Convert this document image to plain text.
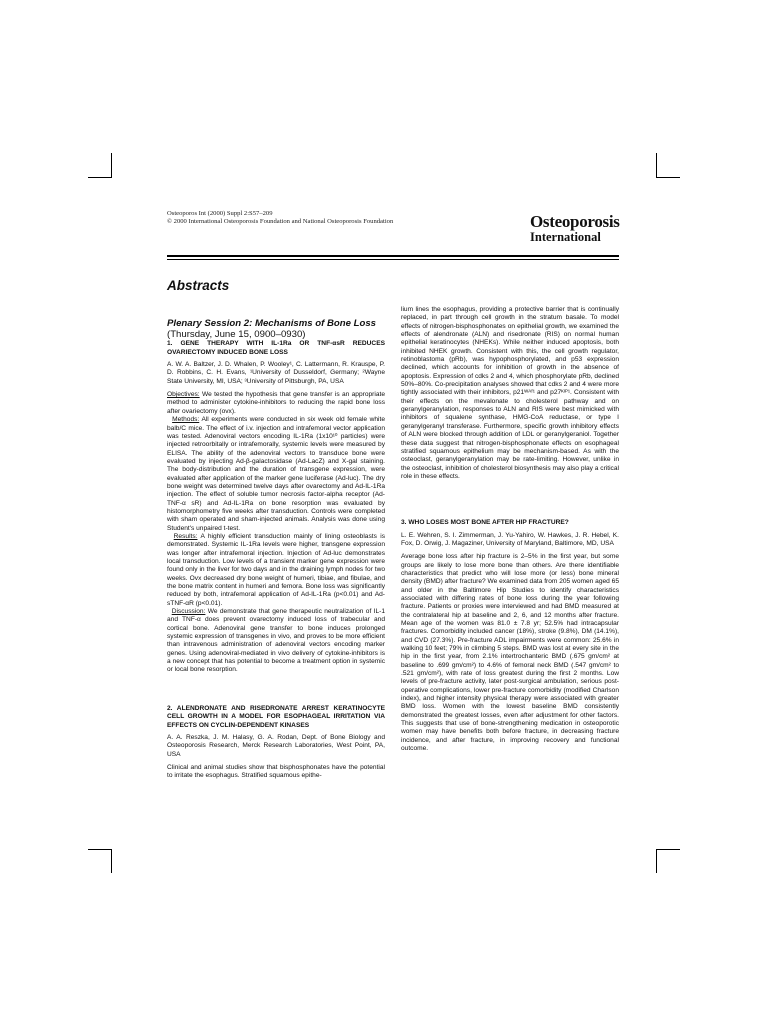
Osteoporos Int (2000) Suppl 2:S57–209
© 2000 International Osteoporosis Foundation and National Osteoporosis Foundation	Osteoporosis
International
Abstracts

Plenary Session 2: Mechanisms of Bone Loss

(Thursday, June 15, 0900–0930)

1. GENE THERAPY WITH IL-1Ra OR TNF-αsR REDUCES OVARIECTOMY INDUCED BONE LOSS

A. W. A. Baltzer, J. D. Whalen, P. Wooley¹, C. Lattermann, R. Krauspe, P. D. Robbins, C. H. Evans, ¹University of Dusseldorf, Germany; ²Wayne State University, MI, USA; ³University of Pittsburgh, PA, USA

Objectives: We tested the hypothesis that gene transfer is an appropriate method to administer cytokine-inhibitors to reducing the rapid bone loss after ovariectomy (ovx).

Methods: All experiments were conducted in six week old female white balb/C mice. The effect of i.v. injection and intrafemoral vector application was tested. Adenoviral vectors encoding IL-1Ra (1x10¹⁰ particles) were injected retroorbitally or intrafemorally, systemic levels were measured by ELISA. The ability of the adenoviral vectors to transduce bone were evaluated by injecting Ad-β-galactosidase (Ad-LacZ) and X-gal staining. The body-distribution and the duration of transgene expression, were evaluated after application of the marker gene luciferase (Ad-luc). The dry bone weight was determined twelve days after ovarectomy and Ad-IL-1Ra injection. The effect of soluble tumor necrosis factor-alpha receptor (Ad-TNF-α sR) and Ad-IL-1Ra on bone resorption was evaluated by histomorphometry five weeks after transduction. Controls were completed with sham operated and sham-injected animals. Analysis was done using Student's unpaired t-test.

Results: A highly efficient transduction mainly of lining osteoblasts is demonstrated. Systemic IL-1Ra levels were higher, transgene expression was longer after intrafemoral injection. Injection of Ad-luc demonstrates local transduction. Low levels of a transient marker gene expression were found only in the liver for two days and in the draining lymph nodes for two weeks. Ovx decreased dry bone weight of humeri, tibiae, and fibulae, and the bone matrix content in humeri and femora. Bone loss was significantly reduced by both, intrafemoral application of Ad-IL-1Ra (p<0.01) and Ad-sTNF-αR (p<0.01).

Discussion: We demonstrate that gene therapeutic neutralization of IL-1 and TNF-α does prevent ovarectomy induced loss of trabecular and cortical bone. Adenoviral gene transfer to bone induces prolonged systemic expression of transgenes in vivo, and proves to be more efficient than intravenous administration of adenoviral vectors encoding marker genes. Using adenoviral-mediated in vivo delivery of cytokine-inhibitors is a new concept that has potential to become a treatment option in systemic or local bone resorption.

2. ALENDRONATE AND RISEDRONATE ARREST KERATINOCYTE CELL GROWTH IN A MODEL FOR ESOPHAGEAL IRRITATION VIA EFFECTS ON CYCLIN-DEPENDENT KINASES

A. A. Reszka, J. M. Halasy, G. A. Rodan, Dept. of Bone Biology and Osteoporosis Research, Merck Research Laboratories, West Point, PA, USA

Clinical and animal studies show that bisphosphonates have the potential to irritate the esophagus. Stratified squamous epithe-

lium lines the esophagus, providing a protective barrier that is continually replaced, in part through cell growth in the stratum basale. To model effects of nitrogen-bisphosphonates on epithelial growth, we examined the effects of alendronate (ALN) and risedronate (RIS) on normal human epithelial keratinocytes (NHEKs). While neither induced apoptosis, both inhibited NHEK growth. Consistent with this, the cell growth regulator, retinoblastoma (pRb), was hypophosphorylated, and p53 expression declined, which accounts for inhibition of growth in the absence of apoptosis. Expression of cdks 2 and 4, which phosphorylate pRb, declined 50%–80%. Co-precipitation analyses showed that cdks 2 and 4 were more tightly associated with their inhibitors, p21ᵂᴬᶠ¹ and p27ᴷᴵᴾ¹. Consistent with their effects on the mevalonate to cholesterol pathway and on geranylgeranylation, responses to ALN and RIS were best mimicked with inhibitors of squalene synthase, HMG-CoA reductase, or type I geranylgeranyl transferase. Furthermore, specific growth inhibitory effects of ALN were blocked through addition of LDL or geranylgeraniol. Together these data suggest that nitrogen-bisphosphonate effects on esophageal stratified squamous epithelium may be mechanism-based. As with the osteoclast, geranylgeranylation may be rate-limiting. However, unlike in the osteoclast, inhibition of cholesterol biosynthesis may also play a critical role in these effects.

3. WHO LOSES MOST BONE AFTER HIP FRACTURE?

L. E. Wehren, S. I. Zimmerman, J. Yu-Yahiro, W. Hawkes, J. R. Hebel, K. Fox, D. Orwig, J. Magaziner, University of Maryland, Baltimore, MD, USA

Average bone loss after hip fracture is 2–5% in the first year, but some groups are likely to lose more bone than others. Are there identifiable characteristics that predict who will lose more (or less) bone mineral density (BMD) after fracture? We examined data from 205 women aged 65 and older in the Baltimore Hip Studies to identify characteristics associated with differing rates of bone loss during the year following fracture. Patients or proxies were interviewed and had BMD measured at the contralateral hip at baseline and 2, 6, and 12 months after fracture. Mean age of the women was 81.0 ± 7.8 yr; 52.5% had intracapsular fractures. Comorbidity included cancer (18%), stroke (9.8%), DM (14.1%), and CVD (27.3%). Pre-fracture ADL impairments were common: 25.6% in walking 10 feet; 79% in climbing 5 steps. BMD was lost at every site in the hip in the first year, from 2.1% intertrochanteric BMD (.675 gm/cm² at baseline to .699 gm/cm²) to 4.6% of femoral neck BMD (.547 gm/cm² to .521 gm/cm²), with rate of loss greatest during the first 2 months. Low levels of pre-fracture activity, later post-surgical ambulation, serious post-operative complications, lower pre-fracture comorbidity (modified Charlson index), and higher intensity physical therapy were associated with greater BMD loss. Women with the lowest baseline BMD consistently demonstrated the greatest losses, even after adjustment for other factors. This suggests that use of bone-strengthening medication in osteoporotic women may have benefits both before fracture, in decreasing fracture incidence, and after fracture, in improving recovery and functional outcome.
